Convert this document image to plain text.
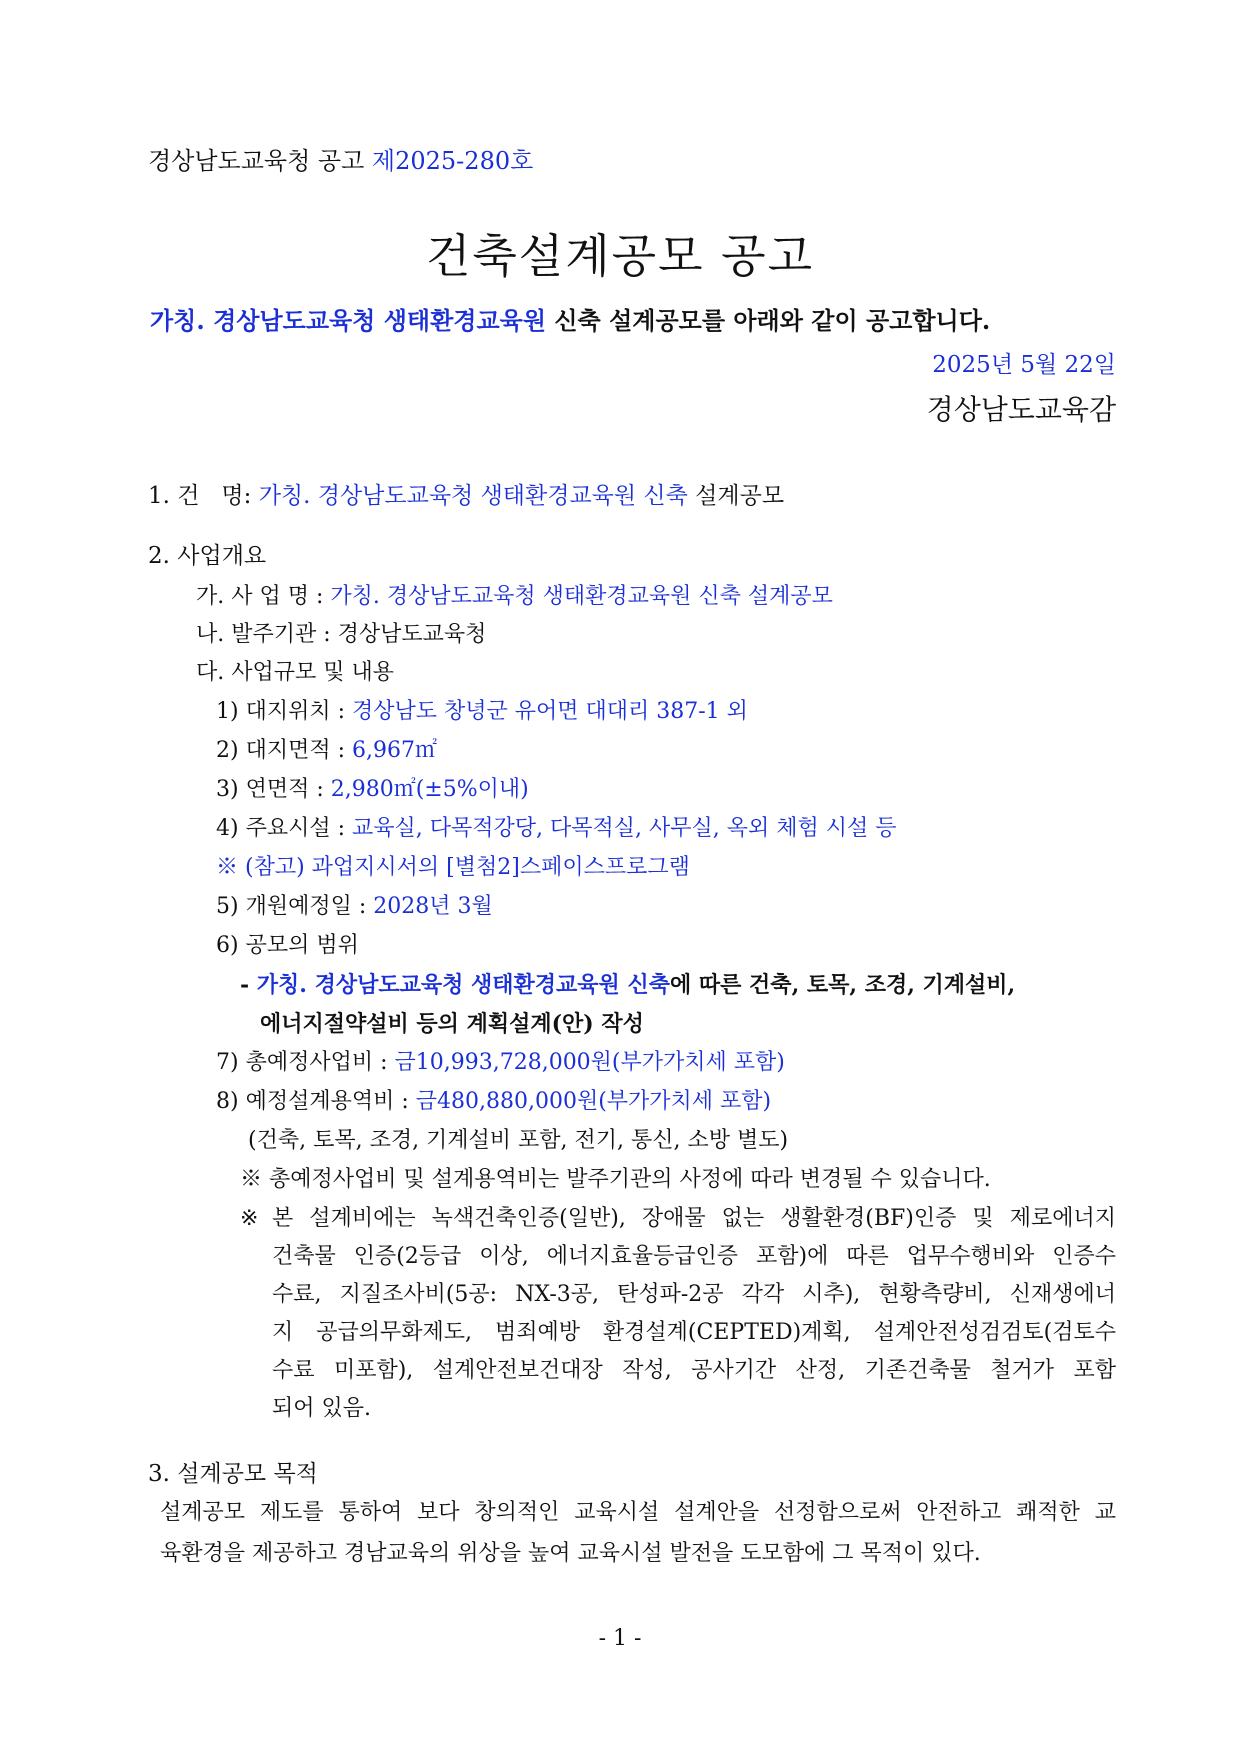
경상남도교육청 공고 제2025-280호
건축설계공모 공고
가칭. 경상남도교육청 생태환경교육원 신축 설계공모를 아래와 같이 공고합니다.
2025년 5월 22일
경상남도교육감
1. 건   명: 가칭. 경상남도교육청 생태환경교육원 신축 설계공모
2. 사업개요
가. 사 업 명 : 가칭. 경상남도교육청 생태환경교육원 신축 설계공모
나. 발주기관 : 경상남도교육청
다. 사업규모 및 내용
1) 대지위치 : 경상남도 창녕군 유어면 대대리 387-1 외
2) 대지면적 : 6,967㎡
3) 연면적 : 2,980㎡(±5%이내)
4) 주요시설 : 교육실, 다목적강당, 다목적실, 사무실, 옥외 체험 시설 등
※ (참고) 과업지시서의 [별첨2]스페이스프로그램
5) 개원예정일 : 2028년 3월
6) 공모의 범위
- 가칭. 경상남도교육청 생태환경교육원 신축에 따른 건축, 토목, 조경, 기계설비,
에너지절약설비 등의 계획설계(안) 작성
7) 총예정사업비 : 금10,993,728,000원(부가가치세 포함)
8) 예정설계용역비 : 금480,880,000원(부가가치세 포함)
(건축, 토목, 조경, 기계설비 포함, 전기, 통신, 소방 별도)
※ 총예정사업비 및 설계용역비는 발주기관의 사정에 따라 변경될 수 있습니다.
※ 본 설계비에는 녹색건축인증(일반), 장애물 없는 생활환경(BF)인증 및 제로에너지
건축물 인증(2등급 이상, 에너지효율등급인증 포함)에 따른 업무수행비와 인증수
수료, 지질조사비(5공: NX-3공, 탄성파-2공 각각 시추), 현황측량비, 신재생에너
지 공급의무화제도, 범죄예방 환경설계(CEPTED)계획, 설계안전성검검토(검토수
수료 미포함), 설계안전보건대장 작성, 공사기간 산정, 기존건축물 철거가 포함
되어 있음.
3. 설계공모 목적
설계공모 제도를 통하여 보다 창의적인 교육시설 설계안을 선정함으로써 안전하고 쾌적한 교
육환경을 제공하고 경남교육의 위상을 높여 교육시설 발전을 도모함에 그 목적이 있다.
- 1 -
